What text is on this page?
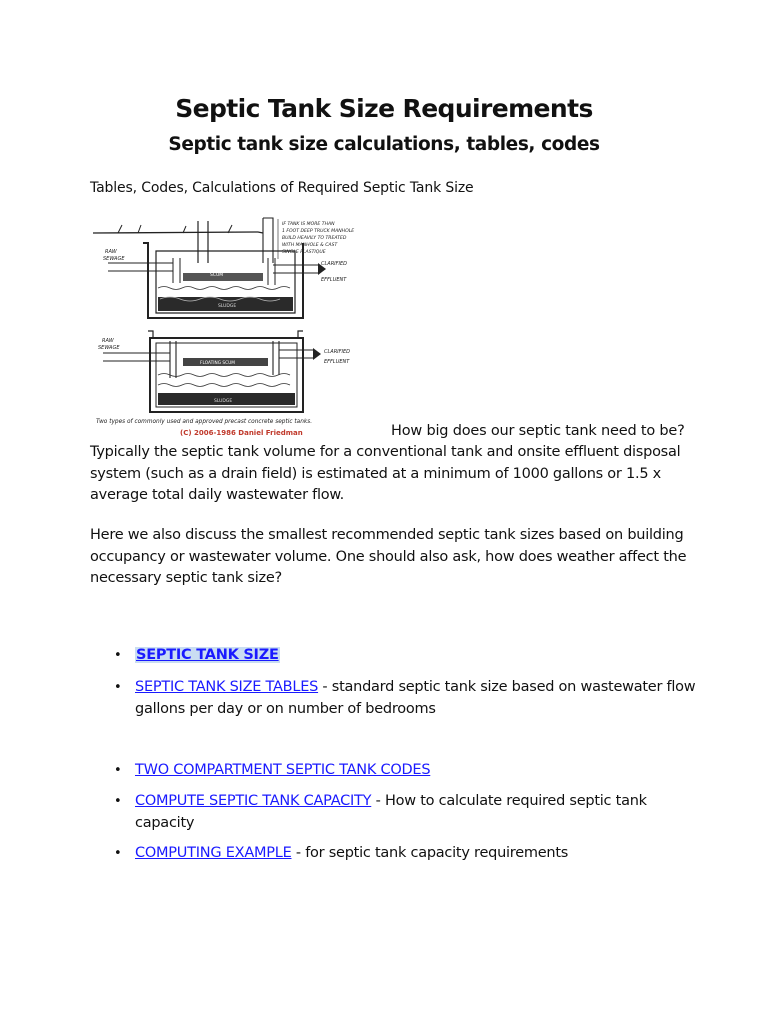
Septic Tank Size Requirements
Septic tank size calculations, tables, codes

Tables, Codes, Calculations of Required Septic Tank Size

SCUM
SLUDGE
RAW
SEWAGE
CLARIFIED
EFFLUENT
IF TANK IS MORE THAN
1 FOOT DEEP TRUCK MANHOLE
BUILD HEAVILY TO TREATED
WITH MANHOLE & CAST
SINGLE PLASTIQUE
FLOATING SCUM
SLUDGE
RAW
SEWAGE
CLARIFIED
EFFLUENT
Two types of commonly used and approved precast concrete septic tanks.
(C) 2006-1986 Daniel Friedman	How big does our septic tank need to be?

Typically the septic tank volume for a conventional tank and onsite effluent disposal system (such as a drain field) is estimated at a minimum of 1000 gallons or 1.5 x average total daily wastewater flow.

Here we also discuss the smallest recommended septic tank sizes based on building occupancy or wastewater volume. One should also ask, how does weather affect the necessary septic tank size?

• SEPTIC TANK SIZE
• SEPTIC TANK SIZE TABLES - standard septic tank size based on wastewater flow gallons per day or on number of bedrooms
• TWO COMPARTMENT SEPTIC TANK CODES
• COMPUTE SEPTIC TANK CAPACITY - How to calculate required septic tank capacity
• COMPUTING EXAMPLE - for septic tank capacity requirements
